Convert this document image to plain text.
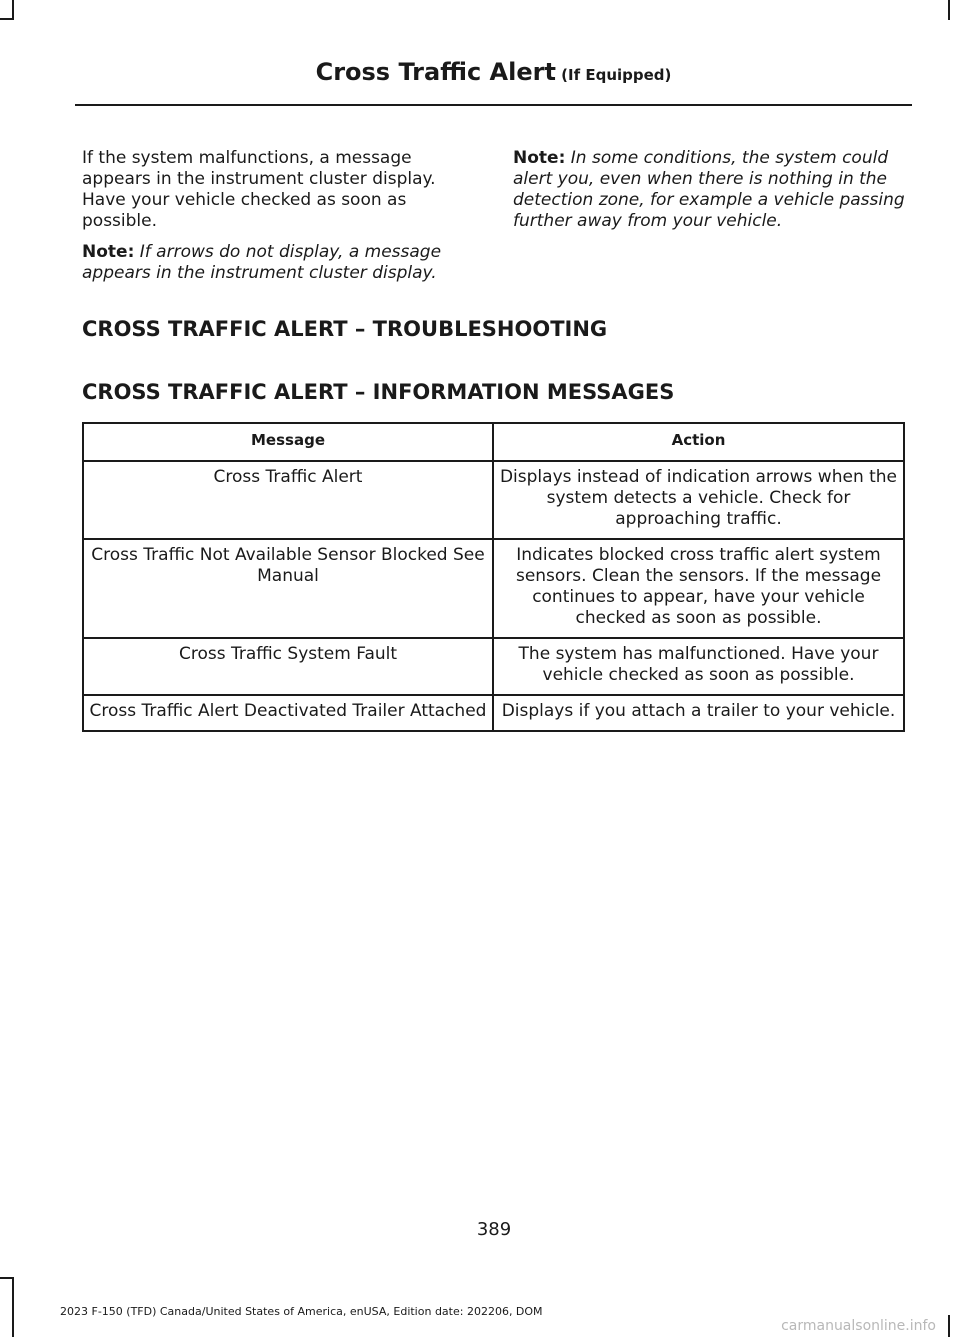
Cross Traffic Alert (If Equipped)

If the system malfunctions, a message appears in the instrument cluster display. Have your vehicle checked as soon as possible.

Note: If arrows do not display, a message appears in the instrument cluster display.

Note: In some conditions, the system could alert you, even when there is nothing in the detection zone, for example a vehicle passing further away from your vehicle.

CROSS TRAFFIC ALERT – TROUBLESHOOTING
CROSS TRAFFIC ALERT – INFORMATION MESSAGES
Message	Action
Cross Traffic Alert	Displays instead of indication arrows when the system detects a vehicle. Check for approaching traffic.
Cross Traffic Not Available Sensor Blocked See Manual	Indicates blocked cross traffic alert system sensors. Clean the sensors. If the message continues to appear, have your vehicle checked as soon as possible.
Cross Traffic System Fault	The system has malfunctioned. Have your vehicle checked as soon as possible.
Cross Traffic Alert Deactivated Trailer Attached	Displays if you attach a trailer to your vehicle.
389
2023 F-150 (TFD) Canada/United States of America, enUSA, Edition date: 202206, DOM
carmanualsonline.info
